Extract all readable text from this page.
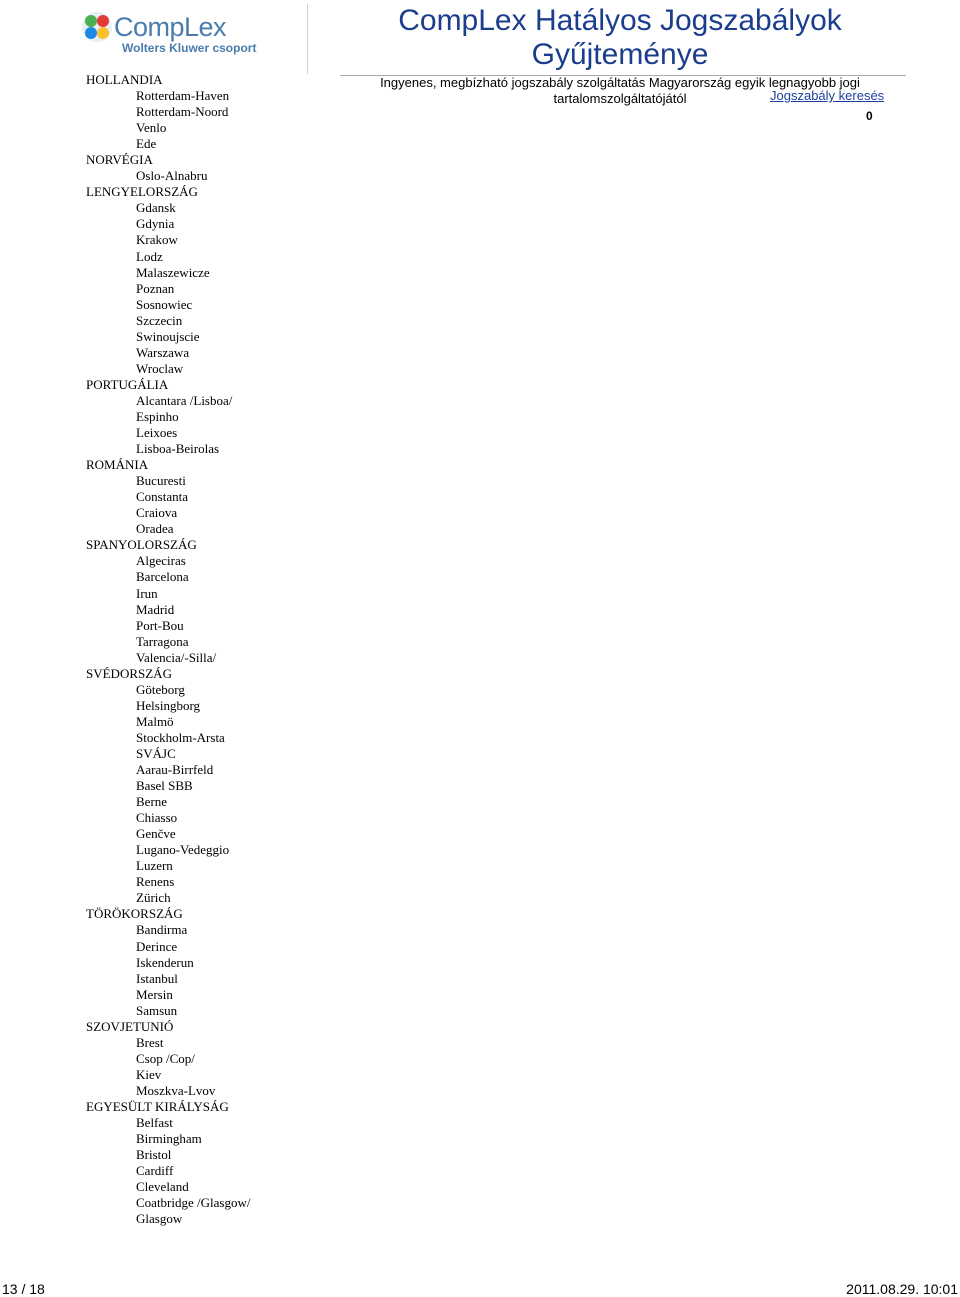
CompLex
Wolters Kluwer csoport
CompLex Hatályos Jogszabályok Gyűjteménye
Ingyenes, megbízható jogszabály szolgáltatás Magyarország egyik legnagyobb jogi tartalomszolgáltatójától	Jogszabály keresés
0
HOLLANDIA
Rotterdam-Haven
Rotterdam-Noord
Venlo
Ede
NORVÉGIA
Oslo-Alnabru
LENGYELORSZÁG
Gdansk
Gdynia
Krakow
Lodz
Malaszewicze
Poznan
Sosnowiec
Szczecin
Swinoujscie
Warszawa
Wroclaw
PORTUGÁLIA
Alcantara /Lisboa/
Espinho
Leixoes
Lisboa-Beirolas
ROMÁNIA
Bucuresti
Constanta
Craiova
Oradea
SPANYOLORSZÁG
Algeciras
Barcelona
Irun
Madrid
Port-Bou
Tarragona
Valencia/-Silla/
SVÉDORSZÁG
Göteborg
Helsingborg
Malmö
Stockholm-Arsta
SVÁJC
Aarau-Birrfeld
Basel SBB
Berne
Chiasso
Genčve
Lugano-Vedeggio
Luzern
Renens
Zürich
TÖRÖKORSZÁG
Bandirma
Derince
Iskenderun
Istanbul
Mersin
Samsun
SZOVJETUNIÓ
Brest
Csop /Cop/
Kiev
Moszkva-Lvov
EGYESÜLT KIRÁLYSÁG
Belfast
Birmingham
Bristol
Cardiff
Cleveland
Coatbridge /Glasgow/
Glasgow
13 / 18	2011.08.29. 10:01
